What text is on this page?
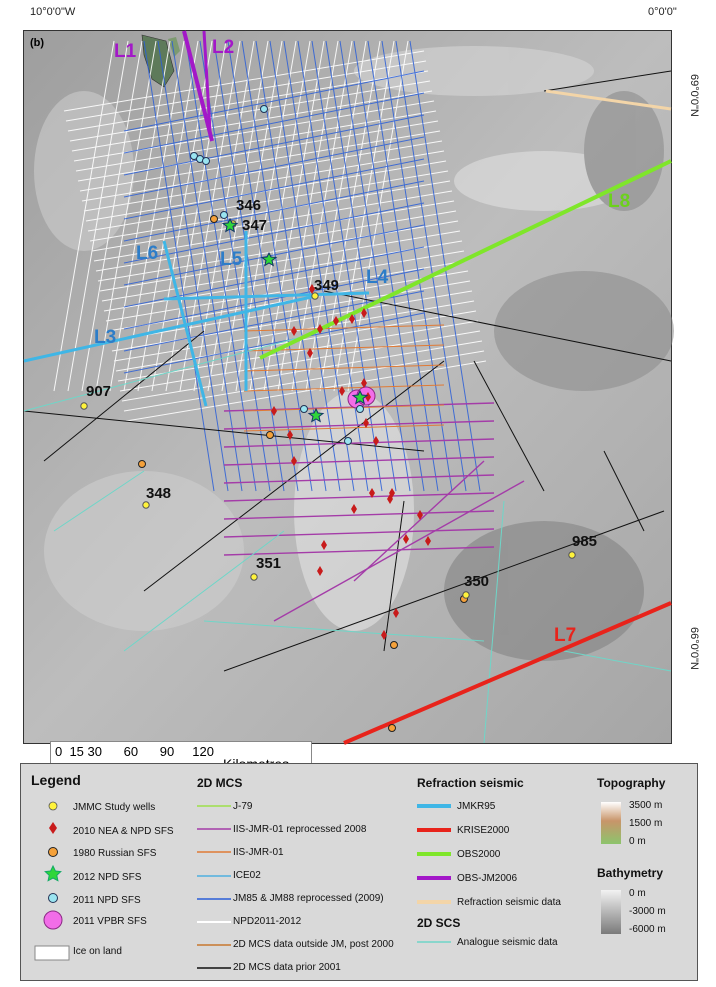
10°0'0"W	0°0'0"
69°0'0"N
66°0'0"N
L1	L2
L3
L4
L5
L6
L7
L8
346
347
349
907
348
351
350
985
(b)
0  15 30      60      90     120
Legend
JMMC Study wells
2010 NEA & NPD SFS
1980 Russian SFS
2012 NPD SFS
2011 NPD SFS
2011 VPBR SFS
Ice on land
2D MCS
J-79
IIS-JMR-01 reprocessed 2008
IIS-JMR-01
ICE02
JM85 & JM88 reprocessed (2009)
NPD2011-2012
2D MCS data outside JM, post 2000
2D MCS data prior 2001
Refraction seismic
JMKR95
KRISE2000
OBS2000
OBS-JM2006
Refraction seismic data
2D SCS
Analogue seismic data
Topography
3500 m
1500 m
0 m
Bathymetry
0 m
-3000 m
-6000 m
